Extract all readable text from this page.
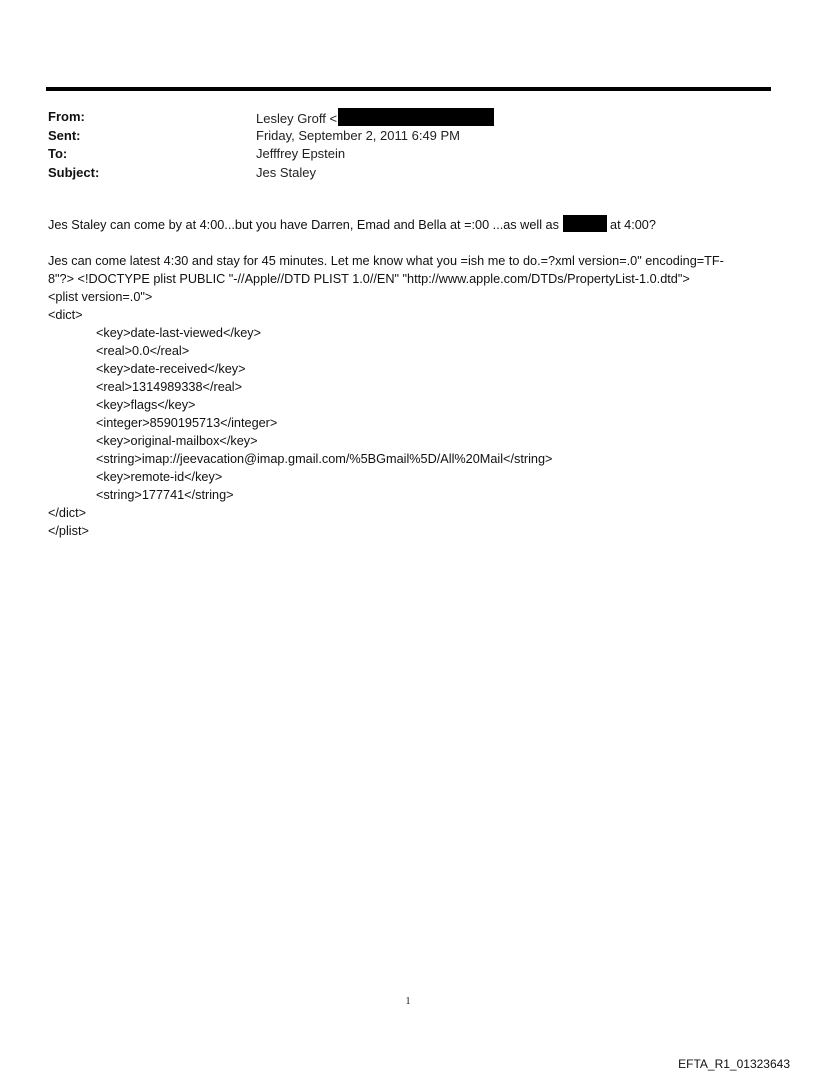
From:	Lesley Groff <
Sent:	Friday, September 2, 2011 6:49 PM
To:	Jefffrey Epstein
Subject:	Jes Staley

Jes Staley can come by at 4:00...but you have Darren, Emad and Bella at =:00 ...as well as	at 4:00?

Jes can come latest 4:30 and stay for 45 minutes. Let me know what you =ish me to do.=?xml version=.0" encoding=TF-
8"?> <!DOCTYPE plist PUBLIC "-//Apple//DTD PLIST 1.0//EN" "http://www.apple.com/DTDs/PropertyList-1.0.dtd">
<plist version=.0">
<dict>
<key>date-last-viewed</key>
<real>0.0</real>
<key>date-received</key>
<real>1314989338</real>
<key>flags</key>
<integer>8590195713</integer>
<key>original-mailbox</key>
<string>imap://jeevacation@imap.gmail.com/%5BGmail%5D/All%20Mail</string>
<key>remote-id</key>
<string>177741</string>
</dict>
</plist>
1
EFTA_R1_01323643
